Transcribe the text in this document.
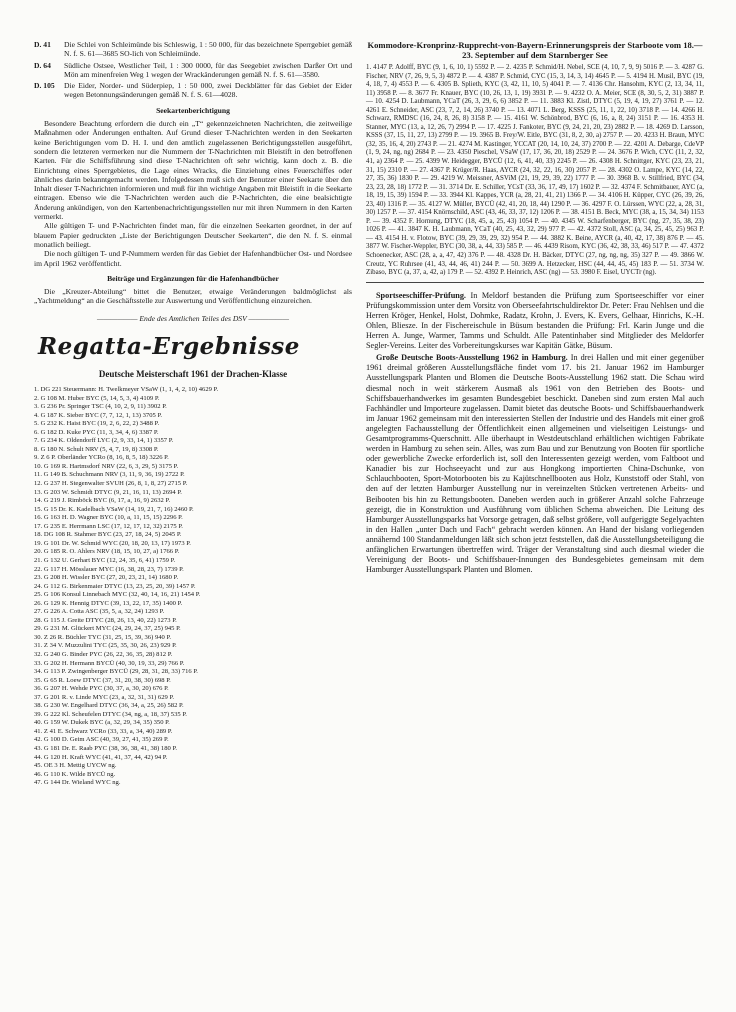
D. 41	Die Schlei von Schleimünde bis Schleswig, 1 : 50 000, für das bezeichnete Sperrgebiet gemäß N. f. S. 61—3685 SO-lich von Schleimünde.
D. 64	Südliche Ostsee, Westlicher Teil, 1 : 300 0000, für das Seegebiet zwischen Darßer Ort und Mön am minenfreien Weg 1 wegen der Wrackänderungen gemäß N. f. S. 61—3580.
D. 105	Die Eider, Norder- und Süderpiep, 1 : 50 000, zwei Deckblätter für das Gebiet der Eider wegen Betonnungsänderungen gemäß N. f. S. 61—4028.
Seekartenberichtigung

Besondere Beachtung erfordern die durch ein „T“ gekennzeichneten Nachrichten, die zeitweilige Maßnahmen oder Änderungen enthalten. Auf Grund dieser T-Nachrichten werden in den Seekarten keine Berichtigungen vom D. H. I. und den amtlich zugelassenen Berichtigungsstellen ausgeführt, sondern die letzteren vermerken nur die Nummern der T-Nachrichten mit Bleistift in den betroffenen Karten. Für die Schiffsführung sind diese T-Nachrichten oft sehr wichtig, kann doch z. B. die Einrichtung eines Sperrgebietes, die Lage eines Wracks, die Einziehung eines Feuerschiffes oder ähnliches darin bekanntgemacht werden. Infolgedessen muß sich der Benutzer einer Seekarte über den Inhalt dieser T-Nachrichten informieren und muß für ihn wichtige Angaben mit Bleistift in die Seekarte eintragen. Ebenso wie die T-Nachrichten werden auch die P-Nachrichten, die eine bealsichtigte Änderung ankündigen, von den Kartenbenachrichtigungsstellen nur mit ihren Nummern in den Karten vermerkt.

Alle gültigen T- und P-Nachrichten findet man, für die einzelnen Seekarten geordnet, in der auf blauem Papier gedruckten „Liste der Berichtigungen Deutscher Seekarten“, die den N. f. S. einmal monatlich beiliegt.

Die noch gültigen T- und P-Nummern werden für das Gebiet der Hafenhandbücher Ost- und Nordsee im April 1962 veröffentlicht.

Beiträge und Ergänzungen für die Hafenhandbücher

Die „Kreuzer-Abteilung“ bittet die Benutzer, etwaige Veränderungen baldmöglichst als „Yachtmeldung“ an die Geschäftsstelle zur Auswertung und Veröffentlichung einzureichen.

—————— Ende des Amtlichen Teiles des DSV ——————
Regatta-Ergebnisse
Deutsche Meisterschaft 1961 der Drachen-Klasse
1. DG 221 Steuermann: H. Twelkmeyer VSaW (1, 1, 4, 2, 10) 4629 P.
2. G 108 M. Huber BYC (5, 14, 5, 3, 4) 4109 P.
3. G 236 Pr. Springer TSC (4, 10, 2, 9, 11) 3902 P.
4. G 187 K. Sieber BYC (7, 7, 12, 1, 13) 3705 P.
5. G 232 K. Haist BYC (19, 2, 6, 22, 2) 3488 P.
6. G 182 D. Kuke PYC (11, 3, 34, 4, 6) 3387 P.
7. G 234 K. Oldendorff LYC (2, 9, 33, 14, 1) 3357 P.
8. G 180 N. Schult NRV (5, 4, 7, 19, 8) 3308 P.
9. Z 6 P. Oberländer YCRo (8, 16, 8, 5, 18) 3226 P.
10. G 169 R. Hartmsdorf NRV (22, 6, 3, 29, 5) 3175 P.
11. G 149 B. Schuchmann NRV (3, 11, 9, 36, 19) 2722 P.
12. G 237 H. Stegenwalter SVUH (26, 8, 1, 8, 27) 2715 P.
13. G 203 W. Schmidt DTYC (9, 21, 16, 11, 13) 2694 P.
14. G 219 J. Rimböck BYC (6, 17, a, 16, 9) 2632 P.
15. G 15 Dr. K. Kadelbach VSaW (14, 19, 21, 7, 16) 2460 P.
16. G 163 H. D. Wagner BYC (10, a, 11, 15, 15) 2296 P.
17. G 235 E. Herrmann LSC (17, 12, 17, 12, 32) 2175 P.
18. DG 108 R. Stahmer BYC (23, 27, 18, 24, 5) 2045 P.
19. G 101 Dr. W. Schmid WYC (20, 18, 20, 13, 17) 1973 P.
20. G 185 R. O. Ahlers NRV (18, 15, 10, 27, a) 1766 P.
21. G 132 U. Gerhart BYC (12, 24, 35, 6, 41) 1759 P.
22. G 117 H. Mösslauer MYC (16, 38, 28, 23, 7) 1739 P.
23. G 208 H. Wissler BYC (27, 20, 23, 21, 14) 1680 P.
24. G 112 G. Birkenmaier DTYC (13, 23, 25, 20, 39) 1457 P.
25. G 106 Konsul Linnebach MYC (32, 40, 14, 16, 21) 1454 P.
26. G 129 K. Hennig DTYC (39, 13, 22, 17, 35) 1400 P.
27. G 226 A. Cotta ASC (35, 5, a, 32, 24) 1293 P.
28. G 115 J. Greite DTYC (28, 26, 13, 40, 22) 1273 P.
29. G 231 M. Glückert MYC (24, 29, 24, 37, 25) 945 P.
30. Z 26 R. Büchler TYC (31, 25, 15, 39, 36) 940 P.
31. Z 34 V. Muzzulini TYC (25, 35, 30, 26, 23) 929 P.
32. G 240 G. Binder PYC (26, 22, 36, 35, 28) 812 P.
33. G 202 H. Hermann BYCÜ (40, 30, 19, 33, 29) 766 P.
34. G 113 P. Zwingenberger BYCÜ (29, 28, 31, 28, 33) 716 P.
35. G 65 R. Loew DTYC (37, 31, 20, 38, 30) 698 P.
36. G 207 H. Wehde PYC (30, 37, a, 30, 20) 676 P.
37. G 201 R. v. Linde MYC (23, a, 32, 31, 31) 629 P.
38. G 230 W. Engelhard DTYC (36, 34, a, 25, 26) 582 P.
39. G 222 Kl. Scheufelen DTYC (34, ng, a, 18, 37) 535 P.
40. G 159 W. Dukek BYC (a, 32, 29, 34, 35) 350 P.
41. Z 41 E. Schwarz YCRo (33, 33, a, 34, 40) 289 P.
42. G 100 D. Geim ASC (40, 39, 27, 41, 35) 269 P.
43. G 181 Dr. E. Raab PYC (38, 36, 38, 41, 38) 180 P.
44. G 120 H. Kraft WYC (41, 41, 37, 44, 42) 94 P.
45. OE 3 H. Mettig UYCW ng.
46. G 110 K. Wilde BYCÜ ng.
47. G 144 Dr. Wieland WYC ng.
Kommodore-Kronprinz-Rupprecht-von-Bayern-Erinnerungspreis der Starboote vom 18.—23. September auf dem Starnberger See

1. 4147 P. Adolff, BYC (9, 1, 6, 10, 1) 5592 P. — 2. 4235 P. Schmid/H. Nebel, SCE (4, 10, 7, 9, 9) 5016 P. — 3. 4287 G. Fischer, NRV (7, 26, 9, 5, 3) 4872 P. — 4. 4387 P. Schmid, CYC (15, 3, 14, 3, 14) 4645 P. — 5. 4194 H. Musil, BYC (19, 4, 18, 7, 4) 4553 P. — 6. 4305 B. Splieth, KYC (3, 42, 11, 10, 5) 4041 P. — 7. 4136 Chr. Hansohm, KYC (2, 13, 34, 11, 11) 3958 P. — 8. 3677 Fr. Knauer, BYC (10, 26, 13, 1, 19) 3931 P. — 9. 4232 O. A. Meier, SCE (8, 30, 5, 2, 31) 3887 P. — 10. 4254 D. Laubmann, YCaT (26, 3, 29, 6, 6) 3852 P. — 11. 3883 Kl. Zistl, DTYC (5, 19, 4, 19, 27) 3761 P. — 12. 4261 E. Schneider, ASC (23, 7, 2, 14, 26) 3740 P. — 13. 4071 L. Berg, KSSS (25, 11, 1, 22, 10) 3718 P. — 14. 4266 H. Schwarz, RMDSC (16, 24, 8, 26, 8) 3158 P. — 15. 4161 W. Schönbrod, BYC (6, 16, a, 8, 24) 3151 P. — 16. 4353 H. Stanner, MYC (13, a, 12, 26, 7) 2994 P. — 17. 4225 J. Fankoter, BYC (9, 24, 21, 20, 23) 2882 P. — 18. 4269 D. Larsson, KSSS (37, 15, 11, 27, 13) 2799 P. — 19. 3965 B. Frey/W. Eitle, BYC (31, 8, 2, 30, a) 2757 P. — 20. 4233 H. Braun, MYC (32, 35, 16, 4, 20) 2743 P. — 21. 4274 M. Kastinger, YCCAT (20, 14, 10, 24, 37) 2700 P. — 22. 4201 A. Debarge, CdeVP (1, 9, 24, ng, ng) 2684 P. — 23. 4350 Pieschel, VSaW (17, 17, 36, 20, 18) 2529 P. — 24. 3676 P. Wich, CYC (11, 2, 32, 41, a) 2364 P. — 25. 4399 W. Heidegger, BYCÜ (12, 6, 41, 40, 33) 2245 P. — 26. 4308 H. Schnittger, KYC (23, 23, 21, 31, 15) 2310 P. — 27. 4367 P. Krüger/R. Haas, AYCR (24, 32, 22, 16, 30) 2057 P. — 28. 4302 O. Lampe, KYC (14, 22, 27, 35, 36) 1830 P. — 29. 4219 W. Meissner, ASViM (21, 19, 29, 39, 22) 1777 P. — 30. 3968 B. v. Stillfried, BYC (34, 23, 23, 28, 18) 1772 P. — 31. 3714 Dr. E. Schiller, YCsT (33, 36, 17, 49, 17) 1602 P. — 32. 4374 F. Schmitbauer, AYC (a, 18, 19, 15, 39) 1594 P. — 33. 3944 Kl. Kappes, YCR (a, 28, 21, 41, 21) 1366 P. — 34. 4106 H. Küpper, CYC (26, 39, 26, 23, 40) 1316 P. — 35. 4127 W. Müller, BYCÜ (42, 41, 20, 18, 44) 1290 P. — 36. 4297 F. O. Lürssen, WYC (22, a, 28, 31, 30) 1257 P. — 37. 4154 Knörnschild, ASC (43, 46, 33, 37, 12) 1206 P. — 38. 4151 B. Beck, MYC (38, a, 15, 34, 34) 1153 P. — 39. 4352 F. Hornung, DTYC (18, 45, a, 25, 43) 1054 P. — 40. 4345 W. Scharfenberger, BYC (ng, 27, 35, 38, 23) 1026 P. — 41. 3847 K. H. Laubmann, YCaT (40, 25, 43, 32, 29) 977 P. — 42. 4372 Stoll, ASC (a, 34, 25, 45, 25) 963 P. — 43. 4154 H. v. Flotow, BYC (39, 29, 39, 29, 32) 954 P. — 44. 3882 K. Beine, AYCR (a, 40, 42, 17, 38) 876 P. — 45. 3877 W. Fischer-Weppler, BYC (30, 38, a, 44, 33) 585 P. — 46. 4439 Risom, KYC (36, 42, 38, 33, 46) 517 P. — 47. 4372 Schoenecker, ASC (28, a, a, 47, 42) 376 P. — 48. 4328 Dr. H. Bäcker, DTYC (27, ng, ng, ng, 35) 327 P. — 49. 3866 W. Creutz, YC Ruhrsee (41, 43, 44, 46, 41) 244 P. — 50. 3699 A. Hetzecker, HSC (44, 44, 45, 45) 183 P. — 51. 3734 W. Zibaso, BYC (a, 37, a, 42, a) 179 P. — 52. 4392 P. Heinrich, ASC (ng) — 53. 3980 F. Eisel, UYCTr (ng).

Sportseeschiffer-Prüfung. In Meldorf bestanden die Prüfung zum Sportseeschiffer vor einer Prüfungskommission unter dem Vorsitz von Oberseefahrtschuldirektor Dr. Peter: Frau Nehlsen und die Herren Kröger, Henkel, Holst, Dohmke, Radatz, Krohn, J. Evers, K. Evers, Gelhaar, Hinrichs, K.-H. Ohlen, Bliesze. In der Fischereischule in Büsum bestanden die Prüfung: Frl. Karin Junge und die Herren A. Junge, Warmer, Tamms und Schuldt. Alle Patentinhaber sind Mitglieder des Meldorfer Segler-Vereins. Leiter des Vorbereitungskurses war Kapitän Gätke, Büsum.

Große Deutsche Boots-Ausstellung 1962 in Hamburg. In drei Hallen und mit einer gegenüber 1961 dreimal größeren Ausstellungsfläche findet vom 17. bis 21. Januar 1962 im Hamburger Ausstellungspark Planten und Blomen die Deutsche Boots-Ausstellung 1962 statt. Die Schau wird diesmal noch in weit stärkerem Ausmaß als 1961 von den Betrieben des Boots- und Schiffsbauerhandwerkes im gesamten Bundesgebiet beschickt. Daneben sind zum ersten Mal auch Fachhändler und Importeure zugelassen. Damit bietet das deutsche Boots- und Schiffsbauerhandwerk im Januar 1962 gemeinsam mit den interessierten Stellen der Industrie und des Handels mit einer groß angelegten Fachausstellung der Öffentlichkeit einen allgemeinen und vielseitigen Leistungs- und Gesamtprogramms-Querschnitt. Alle überhaupt in Westdeutschland erhältlichen wichtigen Fabrikate werden in Hamburg zu sehen sein. Alles, was zum Bau und zur Benutzung von Booten für sportliche oder gewerbliche Zwecke erforderlich ist, soll den Interessenten gezeigt werden, vom Faltboot und Kanadier bis zur Hochseeyacht und zur aus Hongkong importierten China-Dschunke, von Schlauchbooten, Sport-Motorbooten bis zu Kajütschnellbooten aus Holz, Kunststoff oder Stahl, von den auf der letzten Hamburger Ausstellung nur in vereinzelten Stücken vertretenen Arbeits- und Beibooten bis hin zu Rettungsbooten. Daneben werden auch in größerer Anzahl solche Fahrzeuge gezeigt, die in Konstruktion und Ausführung vom üblichen Schema abweichen. Die Leitung des Hamburger Ausstellungsparks hat Vorsorge getragen, daß selbst größere, voll aufgeriggte Segelyachten in den Hallen „unter Dach und Fach“ gebracht werden können. An Hand der bislang vorliegenden annähernd 100 Standanmeldungen läßt sich schon jetzt feststellen, daß die Ausstellungsbeteiligung die anfänglichen Erwartungen übertreffen wird. Träger der Veranstaltung sind auch diesmal wieder die Vereinigung der Boots- und Schiffsbauer-Innungen des Bundesgebietes gemeinsam mit dem Hamburger Ausstellungspark Planten und Blomen.
